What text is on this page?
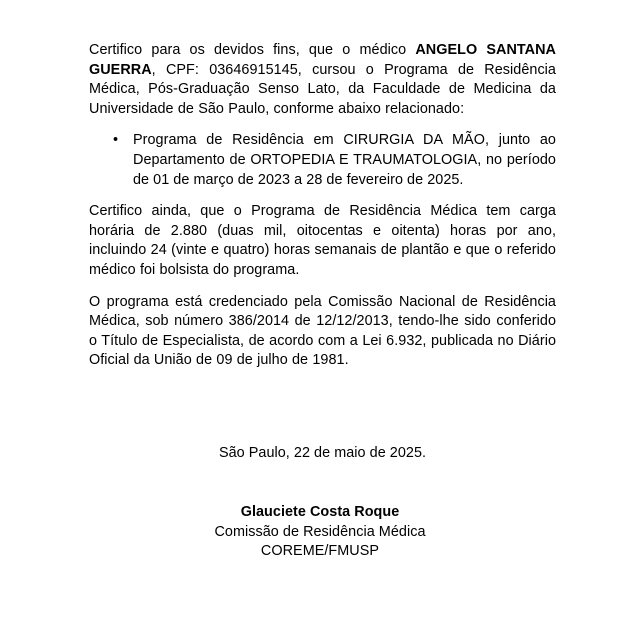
Certifico para os devidos fins, que o médico ANGELO SANTANA GUERRA, CPF: 03646915145, cursou o Programa de Residência Médica, Pós-Graduação Senso Lato, da Faculdade de Medicina da Universidade de São Paulo, conforme abaixo relacionado:

• Programa de Residência em CIRURGIA DA MÃO, junto ao Departamento de ORTOPEDIA E TRAUMATOLOGIA, no período de 01 de março de 2023 a 28 de fevereiro de 2025.

Certifico ainda, que o Programa de Residência Médica tem carga horária de 2.880 (duas mil, oitocentas e oitenta) horas por ano, incluindo 24 (vinte e quatro) horas semanais de plantão e que o referido médico foi bolsista do programa.

O programa está credenciado pela Comissão Nacional de Residência Médica, sob número 386/2014 de 12/12/2013, tendo-lhe sido conferido o Título de Especialista, de acordo com a Lei 6.932, publicada no Diário Oficial da União de 09 de julho de 1981.

São Paulo, 22 de maio de 2025.
Glauciete Costa Roque
Comissão de Residência Médica
COREME/FMUSP
